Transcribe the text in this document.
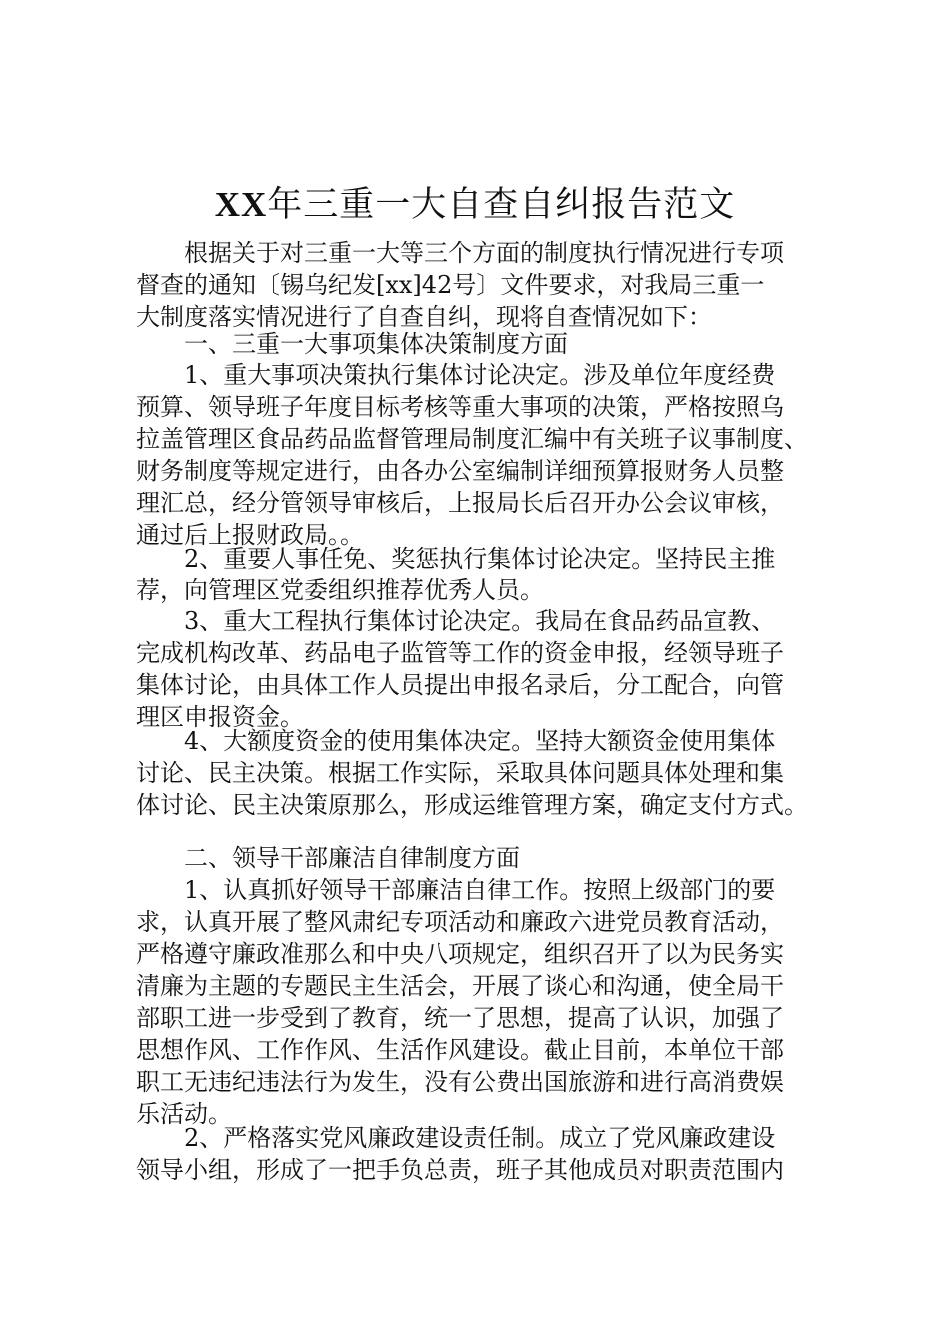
XX年三重一大自查自纠报告范文
根据关于对三重一大等三个方面的制度执行情况进行专项
督查的通知〔锡乌纪发[xx]42号〕文件要求，对我局三重一
大制度落实情况进行了自查自纠，现将自查情况如下：
一、三重一大事项集体决策制度方面
1、重大事项决策执行集体讨论决定。涉及单位年度经费
预算、领导班子年度目标考核等重大事项的决策，严格按照乌
拉盖管理区食品药品监督管理局制度汇编中有关班子议事制度、
财务制度等规定进行，由各办公室编制详细预算报财务人员整
理汇总，经分管领导审核后，上报局长后召开办公会议审核，
通过后上报财政局。。
2、重要人事任免、奖惩执行集体讨论决定。坚持民主推
荐，向管理区党委组织推荐优秀人员。
3、重大工程执行集体讨论决定。我局在食品药品宣教、
完成机构改革、药品电子监管等工作的资金申报，经领导班子
集体讨论，由具体工作人员提出申报名录后，分工配合，向管
理区申报资金。
4、大额度资金的使用集体决定。坚持大额资金使用集体
讨论、民主决策。根据工作实际，采取具体问题具体处理和集
体讨论、民主决策原那么，形成运维管理方案，确定支付方式。
二、领导干部廉洁自律制度方面
1、认真抓好领导干部廉洁自律工作。按照上级部门的要
求，认真开展了整风肃纪专项活动和廉政六进党员教育活动，
严格遵守廉政准那么和中央八项规定，组织召开了以为民务实
清廉为主题的专题民主生活会，开展了谈心和沟通，使全局干
部职工进一步受到了教育，统一了思想，提高了认识，加强了
思想作风、工作作风、生活作风建设。截止目前，本单位干部
职工无违纪违法行为发生，没有公费出国旅游和进行高消费娱
乐活动。
2、严格落实党风廉政建设责任制。成立了党风廉政建设
领导小组，形成了一把手负总责，班子其他成员对职责范围内
